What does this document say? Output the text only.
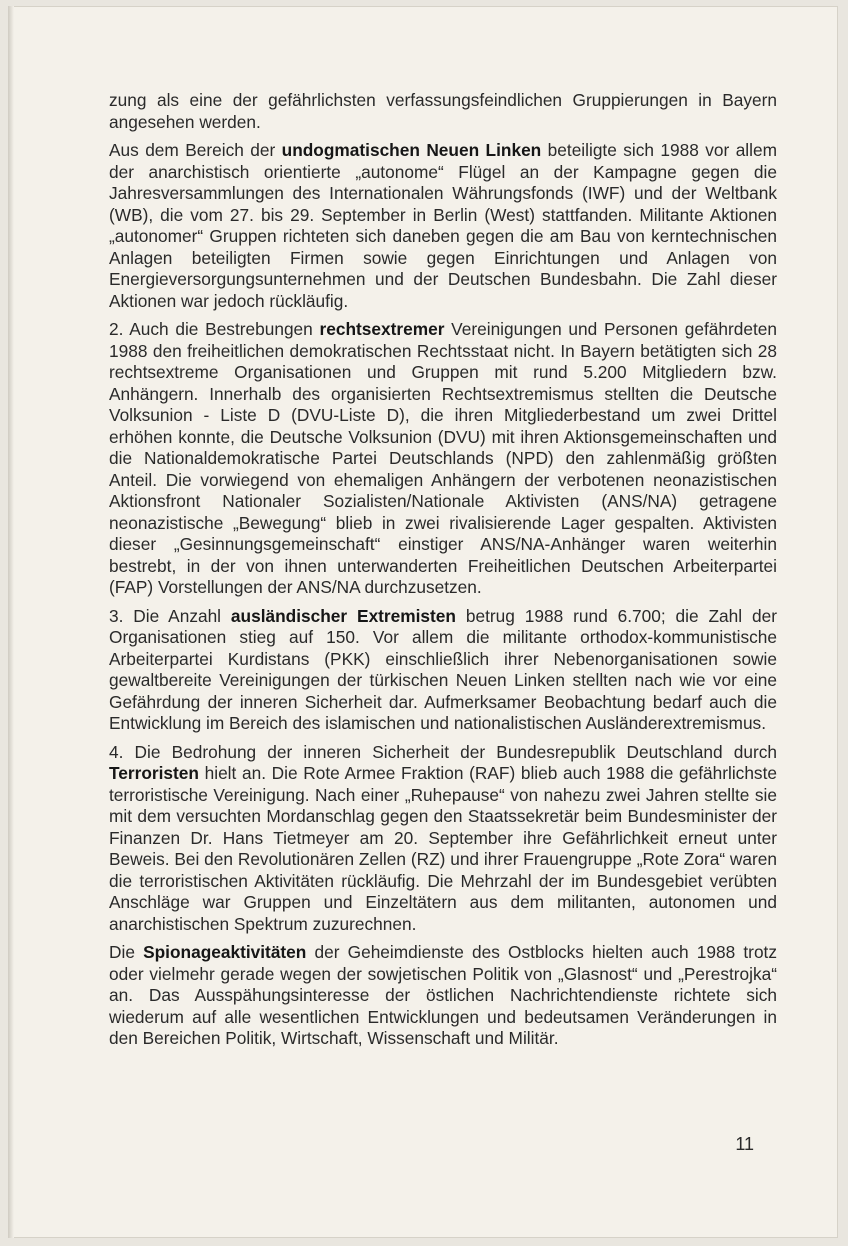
zung als eine der gefährlichsten verfassungsfeindlichen Gruppierungen in Bayern angesehen werden.

Aus dem Bereich der undogmatischen Neuen Linken beteiligte sich 1988 vor allem der anarchistisch orientierte „autonome“ Flügel an der Kampagne gegen die Jahresversammlungen des Internationalen Währungsfonds (IWF) und der Weltbank (WB), die vom 27. bis 29. September in Berlin (West) stattfanden. Militante Aktionen „autonomer“ Gruppen richteten sich daneben gegen die am Bau von kerntechnischen Anlagen beteiligten Firmen sowie gegen Einrichtungen und Anlagen von Energieversorgungsunternehmen und der Deutschen Bundesbahn. Die Zahl dieser Aktionen war jedoch rückläufig.

2. Auch die Bestrebungen rechtsextremer Vereinigungen und Personen gefährdeten 1988 den freiheitlichen demokratischen Rechtsstaat nicht. In Bayern betätigten sich 28 rechtsextreme Organisationen und Gruppen mit rund 5.200 Mitgliedern bzw. Anhängern. Innerhalb des organisierten Rechtsextremismus stellten die Deutsche Volksunion - Liste D (DVU-Liste D), die ihren Mitgliederbestand um zwei Drittel erhöhen konnte, die Deutsche Volksunion (DVU) mit ihren Aktionsgemeinschaften und die Nationaldemokratische Partei Deutschlands (NPD) den zahlenmäßig größten Anteil. Die vorwiegend von ehemaligen Anhängern der verbotenen neonazistischen Aktionsfront Nationaler Sozialisten/Nationale Aktivisten (ANS/NA) getragene neonazistische „Bewegung“ blieb in zwei rivalisierende Lager gespalten. Aktivisten dieser „Gesinnungsgemeinschaft“ einstiger ANS/NA-Anhänger waren weiterhin bestrebt, in der von ihnen unterwanderten Freiheitlichen Deutschen Arbeiterpartei (FAP) Vorstellungen der ANS/NA durchzusetzen.

3. Die Anzahl ausländischer Extremisten betrug 1988 rund 6.700; die Zahl der Organisationen stieg auf 150. Vor allem die militante orthodox-kommunistische Arbeiterpartei Kurdistans (PKK) einschließlich ihrer Nebenorganisationen sowie gewaltbereite Vereinigungen der türkischen Neuen Linken stellten nach wie vor eine Gefährdung der inneren Sicherheit dar. Aufmerksamer Beobachtung bedarf auch die Entwicklung im Bereich des islamischen und nationalistischen Ausländerextremismus.

4. Die Bedrohung der inneren Sicherheit der Bundesrepublik Deutschland durch Terroristen hielt an. Die Rote Armee Fraktion (RAF) blieb auch 1988 die gefährlichste terroristische Vereinigung. Nach einer „Ruhepause“ von nahezu zwei Jahren stellte sie mit dem versuchten Mordanschlag gegen den Staatssekretär beim Bundesminister der Finanzen Dr. Hans Tietmeyer am 20. September ihre Gefährlichkeit erneut unter Beweis. Bei den Revolutionären Zellen (RZ) und ihrer Frauengruppe „Rote Zora“ waren die terroristischen Aktivitäten rückläufig. Die Mehrzahl der im Bundesgebiet verübten Anschläge war Gruppen und Einzeltätern aus dem militanten, autonomen und anarchistischen Spektrum zuzurechnen.

Die Spionageaktivitäten der Geheimdienste des Ostblocks hielten auch 1988 trotz oder vielmehr gerade wegen der sowjetischen Politik von „Glasnost“ und „Perestrojka“ an. Das Ausspähungsinteresse der östlichen Nachrichtendienste richtete sich wiederum auf alle wesentlichen Entwicklungen und bedeutsamen Veränderungen in den Bereichen Politik, Wirtschaft, Wissenschaft und Militär.

11
